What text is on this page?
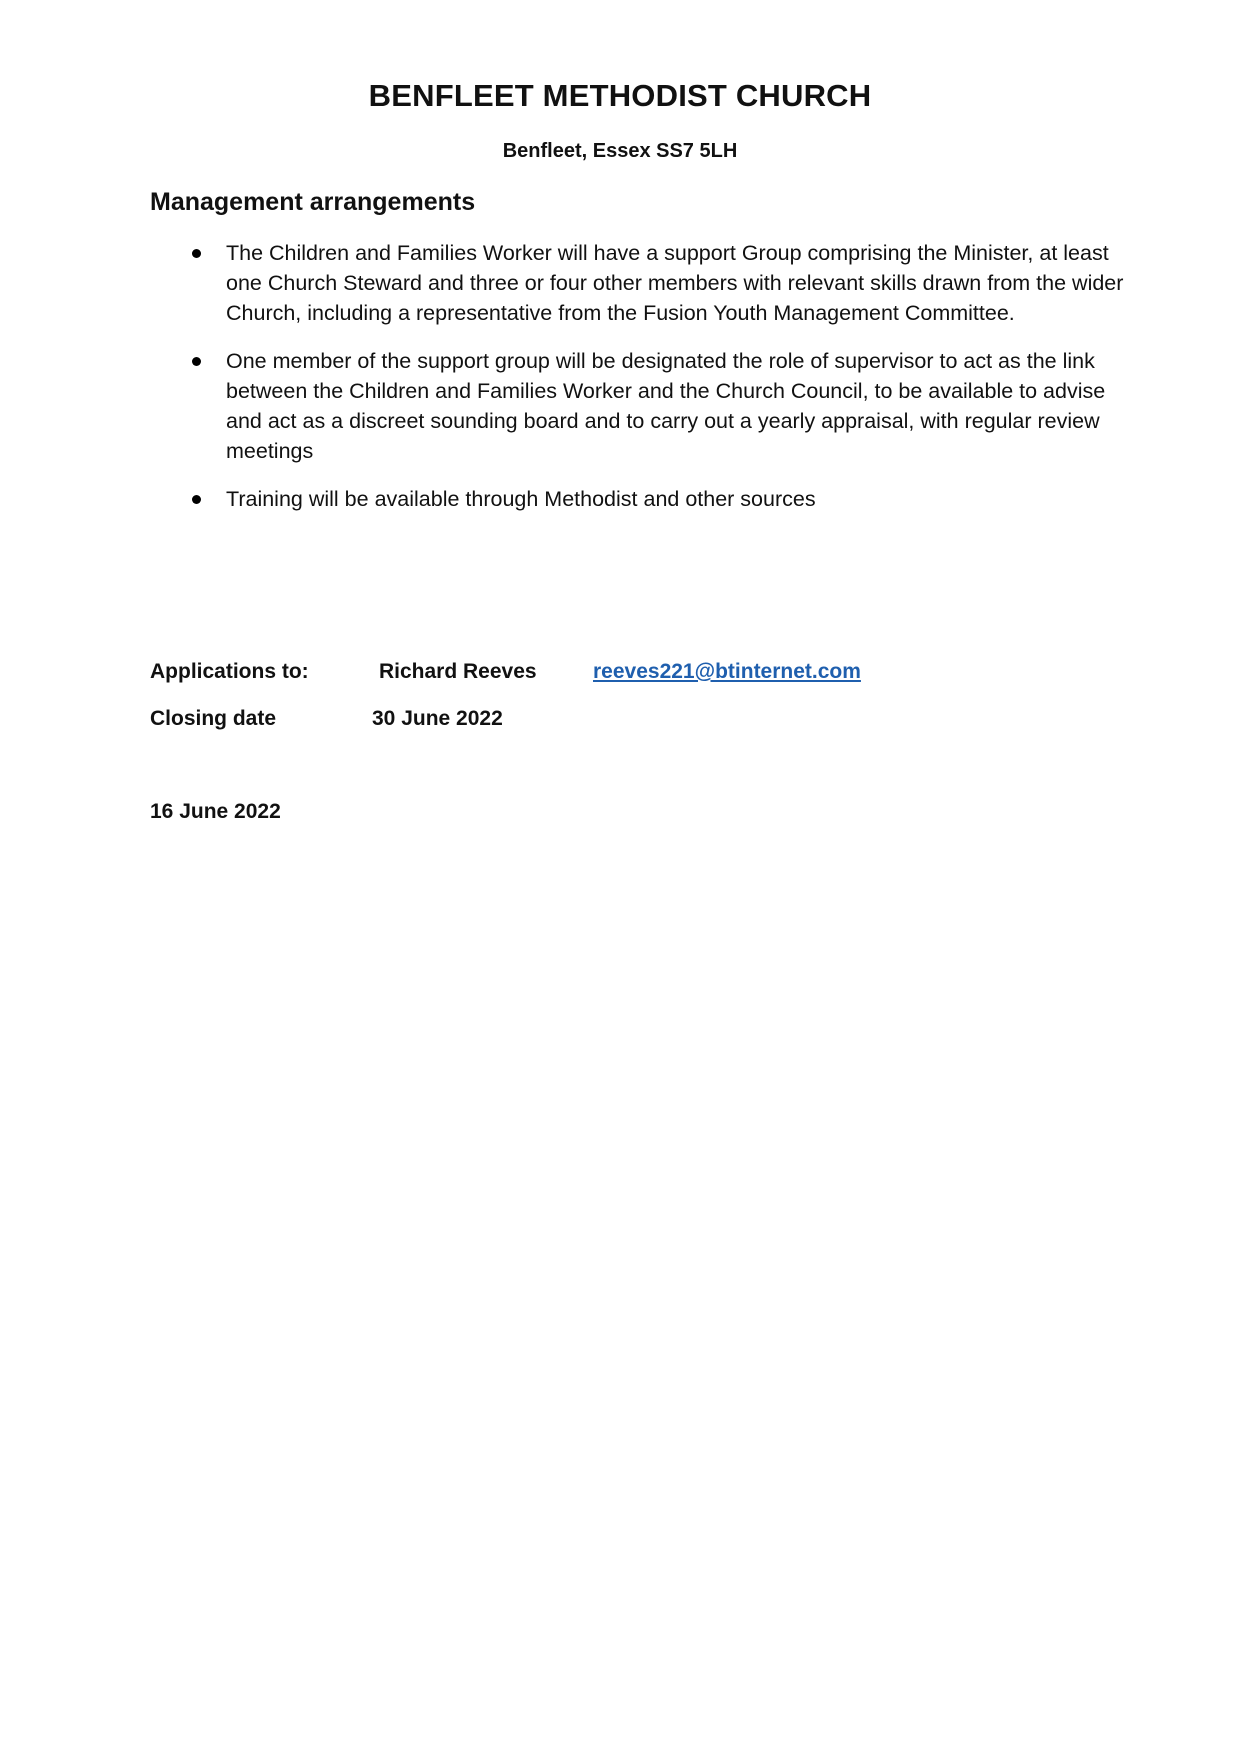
BENFLEET METHODIST CHURCH

Benfleet, Essex SS7 5LH

Management arrangements
The Children and Families Worker will have a support Group comprising the Minister, at least one Church Steward and three or four other members with relevant skills drawn from the wider Church, including a representative from the Fusion Youth Management Committee.
One member of the support group will be designated the role of supervisor to act as the link between the Children and Families Worker and the Church Council, to be available to advise and act as a discreet sounding board and to carry out a yearly appraisal, with regular review meetings
Training will be available through Methodist and other sources
Applications to:	Richard Reeves	reeves221@btinternet.com
Closing date	30 June 2022
16 June 2022
